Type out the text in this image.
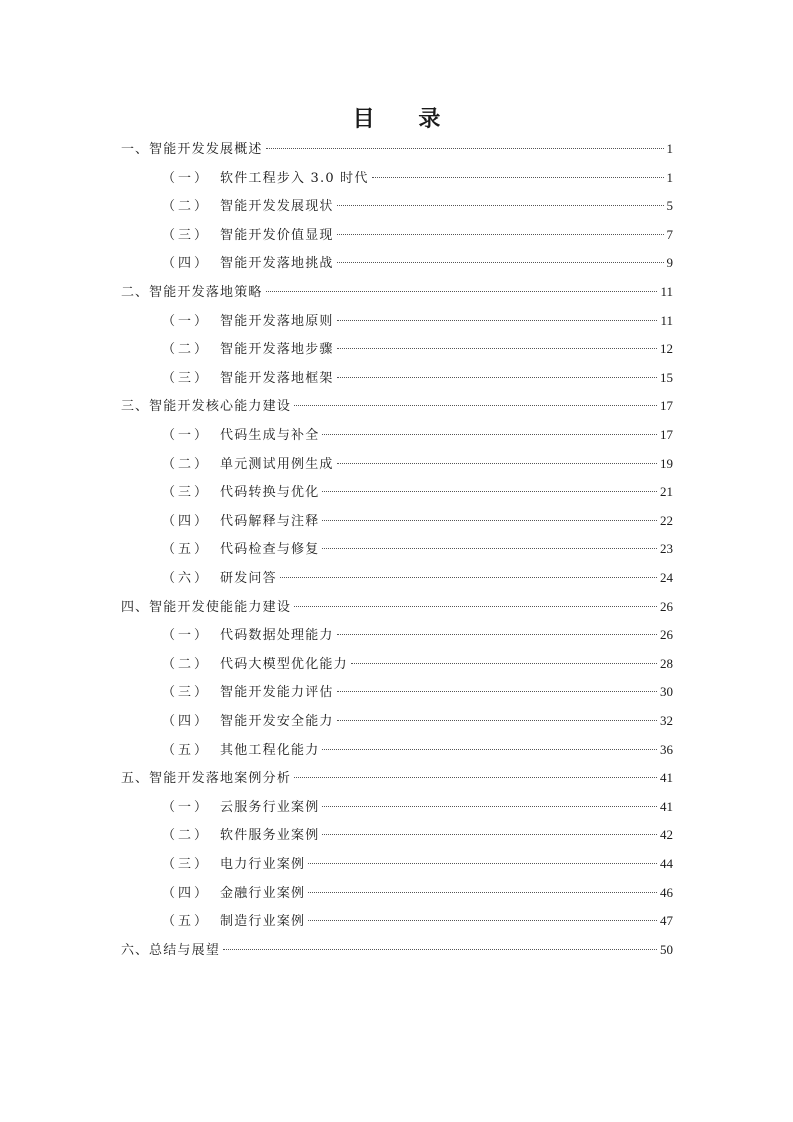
目 录
一、 智能开发发展概述	1
（一） 软件工程步入 3.0 时代	1
（二） 智能开发发展现状	5
（三） 智能开发价值显现	7
（四） 智能开发落地挑战	9
二、 智能开发落地策略	11
（一） 智能开发落地原则	11
（二） 智能开发落地步骤	12
（三） 智能开发落地框架	15
三、 智能开发核心能力建设	17
（一） 代码生成与补全	17
（二） 单元测试用例生成	19
（三） 代码转换与优化	21
（四） 代码解释与注释	22
（五） 代码检查与修复	23
（六） 研发问答	24
四、 智能开发使能能力建设	26
（一） 代码数据处理能力	26
（二） 代码大模型优化能力	28
（三） 智能开发能力评估	30
（四） 智能开发安全能力	32
（五） 其他工程化能力	36
五、 智能开发落地案例分析	41
（一） 云服务行业案例	41
（二） 软件服务业案例	42
（三） 电力行业案例	44
（四） 金融行业案例	46
（五） 制造行业案例	47
六、 总结与展望	50
